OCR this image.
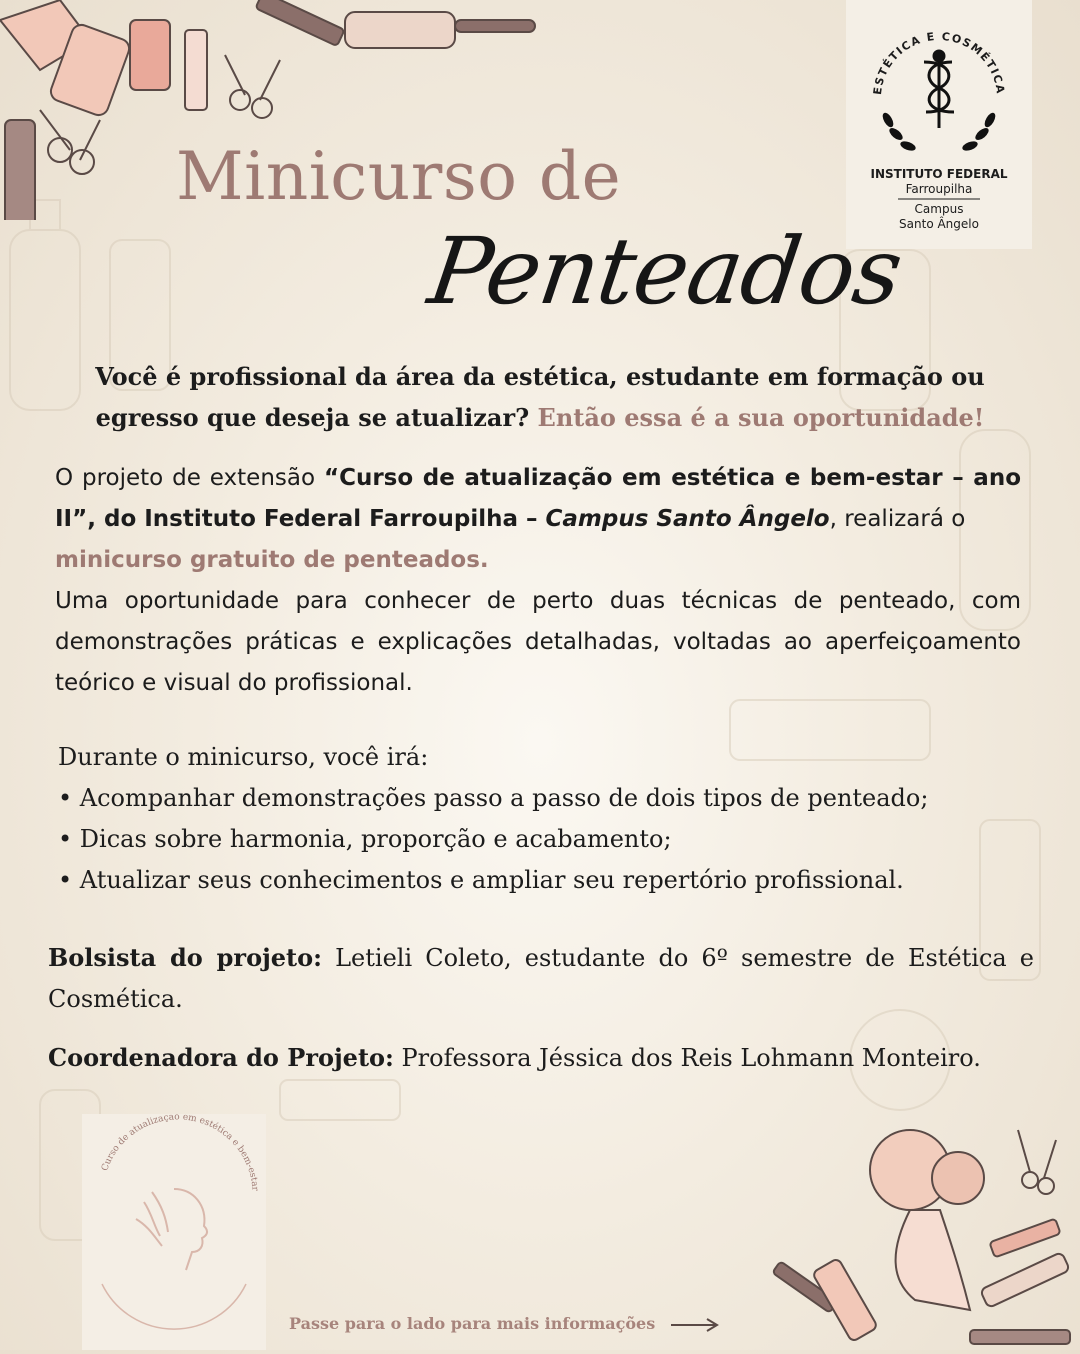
ESTÉTICA E COSMÉTICA
INSTITUTO FEDERAL
Farroupilha
Campus
Santo Ângelo
Minicurso de
Penteados
Você é profissional da área da estética, estudante em formação ou egresso que deseja se atualizar? Então essa é a sua oportunidade!
O projeto de extensão “Curso de atualização em estética e bem-estar – ano II”, do Instituto Federal Farroupilha – Campus Santo Ângelo, realizará o
minicurso gratuito de penteados.
Uma oportunidade para conhecer de perto duas técnicas de penteado, com demonstrações práticas e explicações detalhadas, voltadas ao aperfeiçoamento teórico e visual do profissional.
Durante o minicurso, você irá:
• Acompanhar demonstrações passo a passo de dois tipos de penteado;
• Dicas sobre harmonia, proporção e acabamento;
• Atualizar seus conhecimentos e ampliar seu repertório profissional.
Bolsista do projeto: Letieli Coleto, estudante do 6º semestre de Estética e Cosmética.
Coordenadora do Projeto: Professora Jéssica dos Reis Lohmann Monteiro.
Curso de atualização em estética e bem-estar
Passe para o lado para mais informações
